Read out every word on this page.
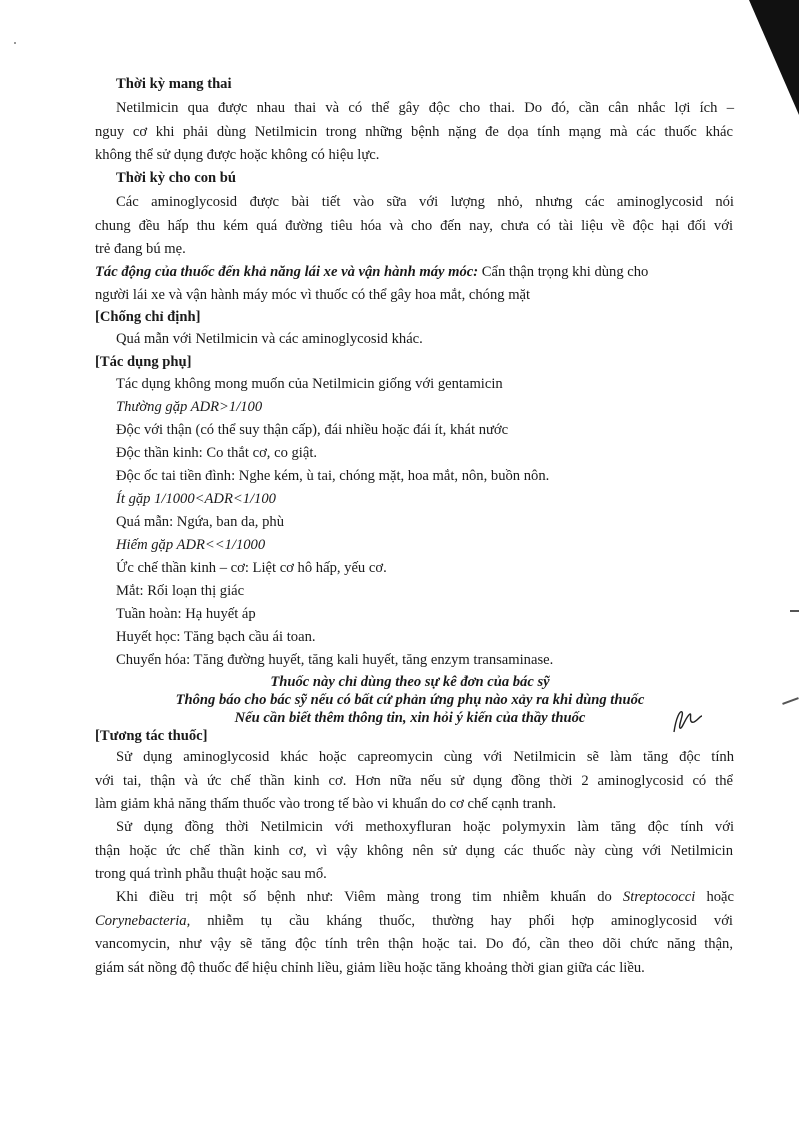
Thời kỳ mang thai
Netilmicin qua được nhau thai và có thể gây độc cho thai. Do đó, cần cân nhắc lợi ích –
nguy cơ khi phải dùng Netilmicin trong những bệnh nặng đe dọa tính mạng mà các thuốc khác
không thể sử dụng được hoặc không có hiệu lực.
Thời kỳ cho con bú
Các aminoglycosid được bài tiết vào sữa với lượng nhỏ, nhưng các aminoglycosid nói
chung đều hấp thu kém quá đường tiêu hóa và cho đến nay, chưa có tài liệu về độc hại đối với
trẻ đang bú mẹ.
Tác động của thuốc đến khả năng lái xe và vận hành máy móc: Cẩn thận trọng khi dùng cho
người lái xe và vận hành máy móc vì thuốc có thể gây hoa mắt, chóng mặt
[Chống chỉ định]
Quá mẫn với Netilmicin và các aminoglycosid khác.
[Tác dụng phụ]
Tác dụng không mong muốn của Netilmicin giống với gentamicin
Thường gặp ADR>1/100
Độc với thận (có thể suy thận cấp), đái nhiều hoặc đái ít, khát nước
Độc thần kinh: Co thắt cơ, co giật.
Độc ốc tai tiền đình: Nghe kém, ù tai, chóng mặt, hoa mắt, nôn, buồn nôn.
Ít gặp 1/1000<ADR<1/100
Quá mẫn: Ngứa, ban da, phù
Hiếm gặp ADR<<1/1000
Ức chế thần kinh – cơ: Liệt cơ hô hấp, yếu cơ.
Mắt: Rối loạn thị giác
Tuần hoàn: Hạ huyết áp
Huyết học: Tăng bạch cầu ái toan.
Chuyển hóa: Tăng đường huyết, tăng kali huyết, tăng enzym transaminase.
Thuốc này chỉ dùng theo sự kê đơn của bác sỹ
Thông báo cho bác sỹ nếu có bất cứ phản ứng phụ nào xảy ra khi dùng thuốc
Nếu cần biết thêm thông tin, xin hỏi ý kiến của thầy thuốc
[Tương tác thuốc]
Sử dụng aminoglycosid khác hoặc capreomycin cùng với Netilmicin sẽ làm tăng độc tính
với tai, thận và ức chế thần kinh cơ. Hơn nữa nếu sử dụng đồng thời 2 aminoglycosid có thể
làm giảm khả năng thấm thuốc vào trong tế bào vi khuẩn do cơ chế cạnh tranh.
Sử dụng đồng thời Netilmicin với methoxyfluran hoặc polymyxin làm tăng độc tính với
thận hoặc ức chế thần kinh cơ, vì vậy không nên sử dụng các thuốc này cùng với Netilmicin
trong quá trình phẫu thuật hoặc sau mổ.
Khi điều trị một số bệnh như: Viêm màng trong tim nhiễm khuẩn do Streptococci hoặc
Corynebacteria, nhiễm tụ cầu kháng thuốc, thường hay phối hợp aminoglycosid với
vancomycin, như vậy sẽ tăng độc tính trên thận hoặc tai. Do đó, cần theo dõi chức năng thận,
giám sát nồng độ thuốc để hiệu chỉnh liều, giảm liều hoặc tăng khoảng thời gian giữa các liều.
